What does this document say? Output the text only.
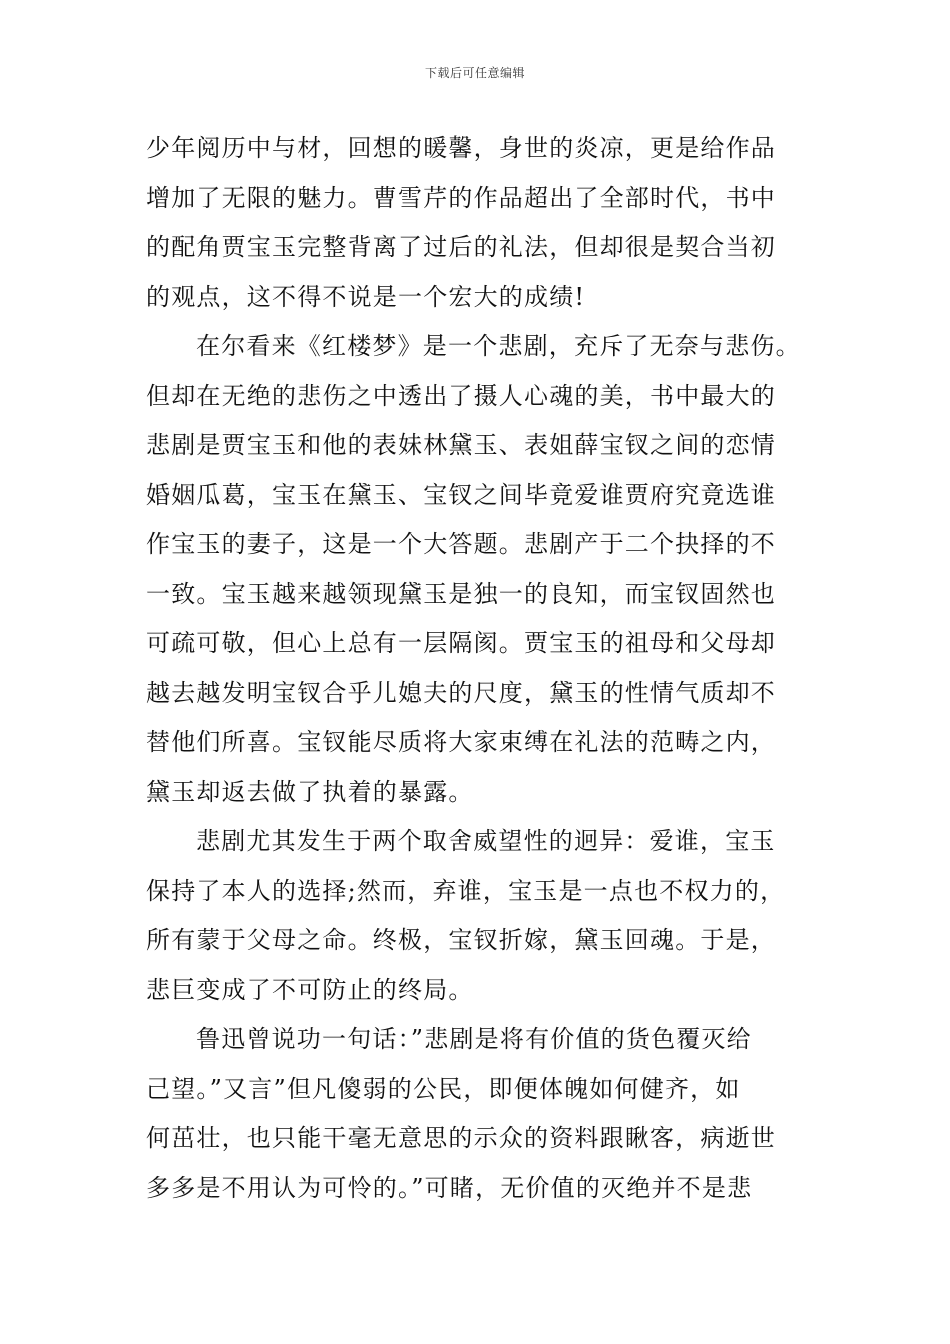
下载后可任意编辑
少年阅历中与材，回想的暖馨，身世的炎凉，更是给作品
增加了无限的魅力。曹雪芹的作品超出了全部时代，书中
的配角贾宝玉完整背离了过后的礼法，但却很是契合当初
的观点，这不得不说是一个宏大的成绩!
在尔看来《红楼梦》是一个悲剧，充斥了无奈与悲伤。
但却在无绝的悲伤之中透出了摄人心魂的美，书中最大的
悲剧是贾宝玉和他的表妹林黛玉、表姐薛宝钗之间的恋情
婚姻瓜葛，宝玉在黛玉、宝钗之间毕竟爱谁贾府究竟选谁
作宝玉的妻子，这是一个大答题。悲剧产于二个抉择的不
一致。宝玉越来越领现黛玉是独一的良知，而宝钗固然也
可疏可敬，但心上总有一层隔阂。贾宝玉的祖母和父母却
越去越发明宝钗合乎儿媳夫的尺度，黛玉的性情气质却不
替他们所喜。宝钗能尽质将大家束缚在礼法的范畴之内，
黛玉却返去做了执着的暴露。
悲剧尤其发生于两个取舍威望性的迥异：爱谁，宝玉
保持了本人的选择;然而，弃谁，宝玉是一点也不权力的，
所有蒙于父母之命。终极，宝钗折嫁，黛玉回魂。于是，
悲巨变成了不可防止的终局。
鲁迅曾说功一句话：”悲剧是将有价值的货色覆灭给
己望。”又言”但凡傻弱的公民，即便体魄如何健齐，如
何茁壮，也只能干毫无意思的示众的资料跟瞅客，病逝世
多多是不用认为可怜的。”可睹，无价值的灭绝并不是悲
